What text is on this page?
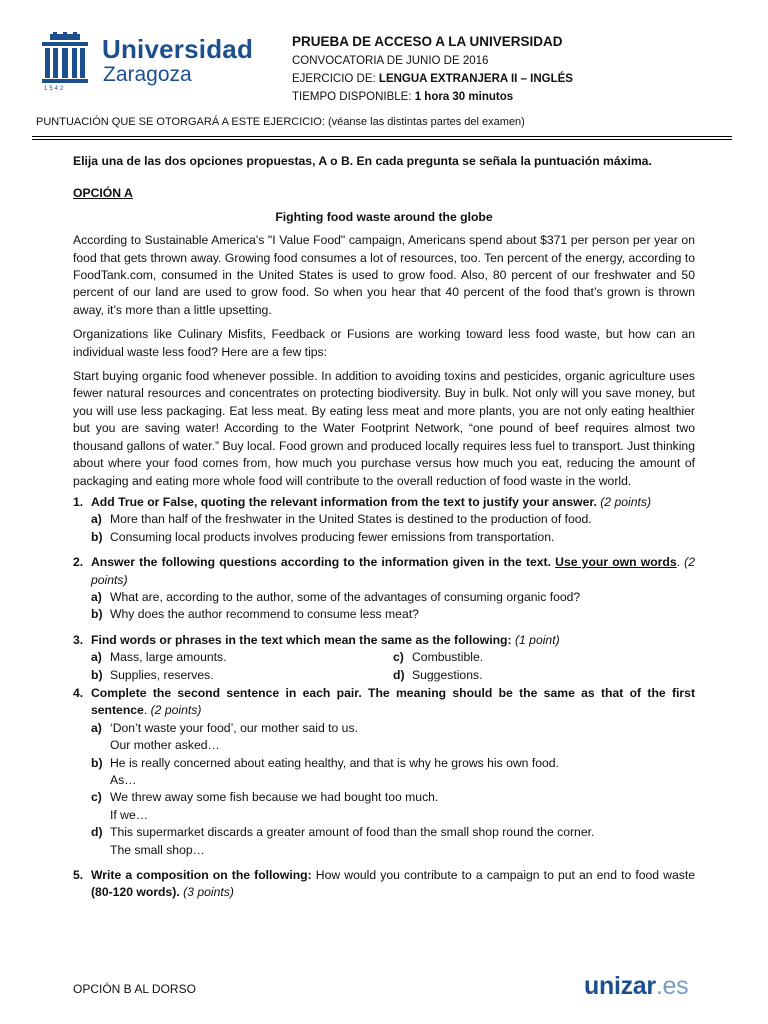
1542
Universidad
Zaragoza
PRUEBA DE ACCESO A LA UNIVERSIDAD
CONVOCATORIA DE JUNIO DE 2016
EJERCICIO DE: LENGUA EXTRANJERA II – INGLÉS
TIEMPO DISPONIBLE: 1 hora 30 minutos
PUNTUACIÓN QUE SE OTORGARÁ A ESTE EJERCICIO: (véanse las distintas partes del examen)

Elija una de las dos opciones propuestas, A o B. En cada pregunta se señala la puntuación máxima.

OPCIÓN A

Fighting food waste around the globe

According to Sustainable America's "I Value Food" campaign, Americans spend about $371 per person per year on food that gets thrown away. Growing food consumes a lot of resources, too. Ten percent of the energy, according to FoodTank.com, consumed in the United States is used to grow food. Also, 80 percent of our freshwater and 50 percent of our land are used to grow food. So when you hear that 40 percent of the food that’s grown is thrown away, it’s more than a little upsetting.

Organizations like Culinary Misfits, Feedback or Fusions are working toward less food waste, but how can an individual waste less food? Here are a few tips:

Start buying organic food whenever possible. In addition to avoiding toxins and pesticides, organic agriculture uses fewer natural resources and concentrates on protecting biodiversity. Buy in bulk. Not only will you save money, but you will use less packaging. Eat less meat. By eating less meat and more plants, you are not only eating healthier but you are saving water! According to the Water Footprint Network, “one pound of beef requires almost two thousand gallons of water.” Buy local. Food grown and produced locally requires less fuel to transport. Just thinking about where your food comes from, how much you purchase versus how much you eat, reducing the amount of packaging and eating more whole food will contribute to the overall reduction of food waste in the world.

1. Add True or False, quoting the relevant information from the text to justify your answer. (2 points)
a) More than half of the freshwater in the United States is destined to the production of food.
b) Consuming local products involves producing fewer emissions from transportation.
2. Answer the following questions according to the information given in the text. Use your own words. (2 points)
a) What are, according to the author, some of the advantages of consuming organic food?
b) Why does the author recommend to consume less meat?
3. Find words or phrases in the text which mean the same as the following: (1 point)
a) Mass, large amounts.	c) Combustible.
b) Supplies, reserves.	d) Suggestions.
4. Complete the second sentence in each pair. The meaning should be the same as that of the first sentence. (2 points)
a) ‘Don’t waste your food’, our mother said to us.
Our mother asked…
b) He is really concerned about eating healthy, and that is why he grows his own food.
As…
c) We threw away some fish because we had bought too much.
If we…
d) This supermarket discards a greater amount of food than the small shop round the corner.
The small shop…
5. Write a composition on the following: How would you contribute to a campaign to put an end to food waste (80-120 words). (3 points)
OPCIÓN B AL DORSO	unizar.es
